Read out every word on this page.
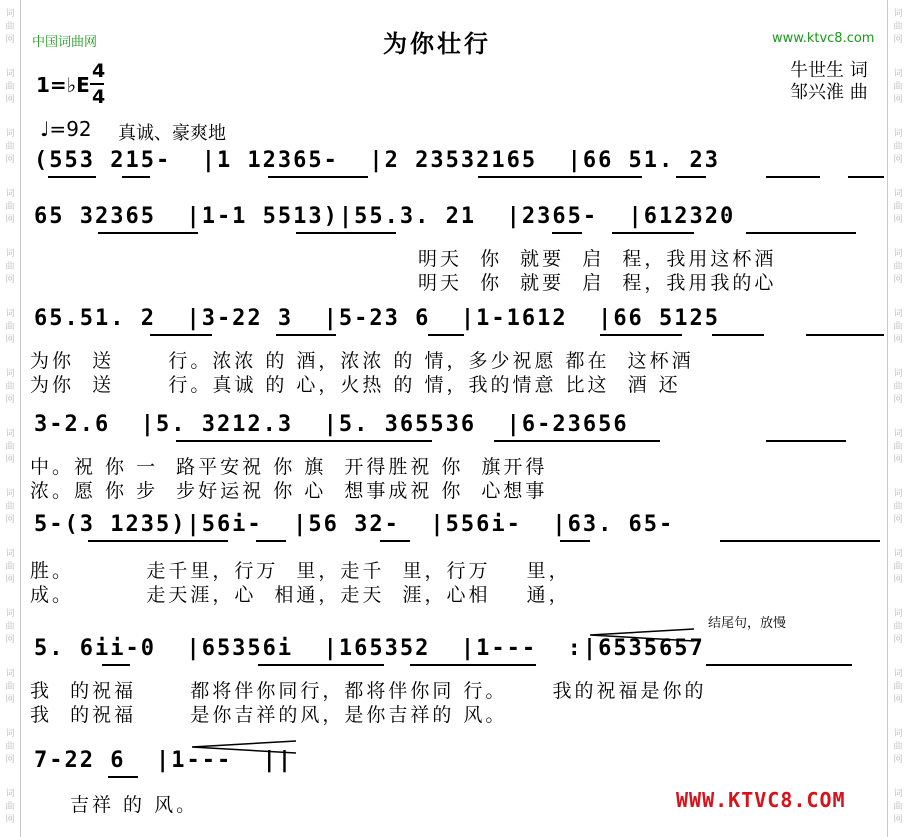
词
曲
网
词
曲
网
词
曲
网
词
曲
网
词
曲
网
词
曲
网
词
曲
网
词
曲
网
词
曲
网
词
曲
网
词
曲
网
词
曲
网
词
曲
网
词
曲
网
词
曲
网
词
曲
网
词
曲
网
词
曲
网
词
曲
网
词
曲
网
词
曲
网
词
曲
网
词
曲
网
词
曲
网
词
曲
网
词
曲
网
词
曲
网
词
曲
网
中国词曲网	www.ktvc8.com
为你壮行
牛世生 词
邹兴淮 曲
1=♭E
4
4
♩=92 真诚、豪爽地
(553 215-  |1 12365-  |2 23532165  |66 51. 23
65 32365  |1-1 5513)|55.3. 21  |2365-  |612320
明天  你  就要  启  程，我用这杯酒
明天  你  就要  启  程，我用我的心
65.51. 2  |3-22 3  |5-23 6  |1-1612  |66 5125
为你  送      行。浓浓 的 酒，浓浓 的 情，多少祝愿 都在  这杯酒
为你  送      行。真诚 的 心，火热 的 情，我的情意 比这  酒 还
3-2.6  |5. 3212.3  |5. 365536  |6-23656
中。祝 你 一  路平安祝 你 旗  开得胜祝 你  旗开得
浓。愿 你 步  步好运祝 你 心  想事成祝 你  心想事
5-(3 1235)|56i-  |56 32-  |556i-  |63. 65-
胜。        走千里，行万  里，走千  里，行万    里，
成。        走天涯，心  相通，走天  涯，心相    通，
结尾句，放慢
5. 6ii-0  |65356i  |165352  |1---  :|6535657
我  的祝福      都将伴你同行，都将伴你同 行。     我的祝福是你的
我  的祝福      是你吉祥的风，是你吉祥的 风。
7-22 6  |1---  ||
吉祥 的 风。	WWW.KTVC8.COM
